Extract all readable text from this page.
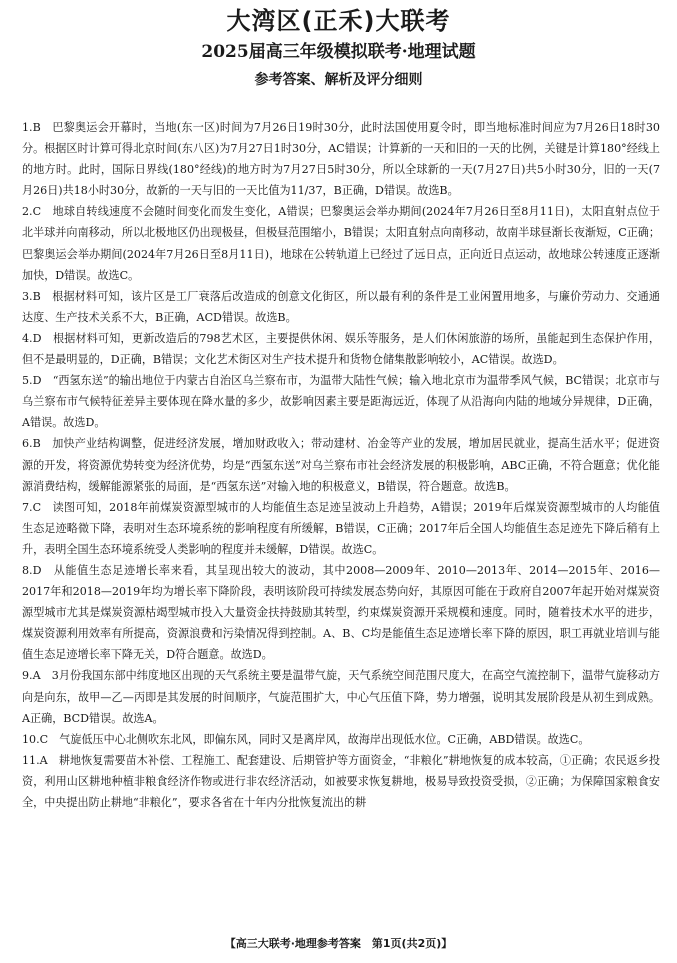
大湾区(正禾)大联考
2025届高三年级模拟联考·地理试题
参考答案、解析及评分细则

1.B　 巴黎奥运会开幕时，当地(东一区)时间为7月26日19时30分，此时法国使用夏令时，即当地标准时间应为7月26日18时30分。根据区时计算可得北京时间(东八区)为7月27日1时30分，AC错误；计算新的一天和旧的一天的比例，关键是计算180°经线上的地方时。此时，国际日界线(180°经线)的地方时为7月27日5时30分，所以全球新的一天(7月27日)共5小时30分，旧的一天(7月26日)共18小时30分，故新的一天与旧的一天比值为11/37，B正确，D错误。故选B。

2.C　 地球自转线速度不会随时间变化而发生变化，A错误；巴黎奥运会举办期间(2024年7月26日至8月11日)，太阳直射点位于北半球并向南移动，所以北极地区仍出现极昼，但极昼范围缩小，B错误；太阳直射点向南移动，故南半球昼渐长夜渐短，C正确；巴黎奥运会举办期间(2024年7月26日至8月11日)，地球在公转轨道上已经过了远日点，正向近日点运动，故地球公转速度正逐渐加快，D错误。故选C。

3.B　 根据材料可知，该片区是工厂衰落后改造成的创意文化街区，所以最有利的条件是工业闲置用地多，与廉价劳动力、交通通达度、生产技术关系不大，B正确，ACD错误。故选B。

4.D　 根据材料可知，更新改造后的798艺术区，主要提供休闲、娱乐等服务，是人们休闲旅游的场所，虽能起到生态保护作用，但不是最明显的，D正确，B错误；文化艺术街区对生产技术提升和货物仓储集散影响较小，AC错误。故选D。

5.D　 “西氢东送”的输出地位于内蒙古自治区乌兰察布市，为温带大陆性气候；输入地北京市为温带季风气候，BC错误；北京市与乌兰察布市气候特征差异主要体现在降水量的多少，故影响因素主要是距海远近，体现了从沿海向内陆的地域分异规律，D正确，A错误。故选D。

6.B　 加快产业结构调整，促进经济发展，增加财政收入；带动建材、冶金等产业的发展，增加居民就业，提高生活水平；促进资源的开发，将资源优势转变为经济优势，均是“西氢东送”对乌兰察布市社会经济发展的积极影响，ABC正确，不符合题意；优化能源消费结构，缓解能源紧张的局面，是“西氢东送”对输入地的积极意义，B错误，符合题意。故选B。

7.C　 读图可知，2018年前煤炭资源型城市的人均能值生态足迹呈波动上升趋势，A错误；2019年后煤炭资源型城市的人均能值生态足迹略微下降，表明对生态环境系统的影响程度有所缓解，B错误，C正确；2017年后全国人均能值生态足迹先下降后稍有上升，表明全国生态环境系统受人类影响的程度并未缓解，D错误。故选C。

8.D　 从能值生态足迹增长率来看，其呈现出较大的波动，其中2008—2009年、2010—2013年、2014—2015年、2016—2017年和2018—2019年均为增长率下降阶段，表明该阶段可持续发展态势向好，其原因可能在于政府自2007年起开始对煤炭资源型城市尤其是煤炭资源枯竭型城市投入大量资金扶持鼓励其转型，约束煤炭资源开采规模和速度。同时，随着技术水平的进步，煤炭资源利用效率有所提高，资源浪费和污染情况得到控制。A、B、C均是能值生态足迹增长率下降的原因，职工再就业培训与能值生态足迹增长率下降无关，D符合题意。故选D。

9.A　 3月份我国东部中纬度地区出现的天气系统主要是温带气旋，天气系统空间范围尺度大，在高空气流控制下，温带气旋移动方向是向东，故甲—乙—丙即是其发展的时间顺序，气旋范围扩大，中心气压值下降，势力增强，说明其发展阶段是从初生到成熟。A正确，BCD错误。故选A。

10.C　 气旋低压中心北侧吹东北风，即偏东风，同时又是离岸风，故海岸出现低水位。C正确，ABD错误。故选C。

11.A　 耕地恢复需要苗木补偿、工程施工、配套建设、后期管护等方面资金，“非粮化”耕地恢复的成本较高，①正确；农民返乡投资，利用山区耕地种植非粮食经济作物或进行非农经济活动，如被要求恢复耕地，极易导致投资受损，②正确；为保障国家粮食安全，中央提出防止耕地“非粮化”，要求各省在十年内分批恢复流出的耕

【高三大联考·地理参考答案　第1页(共2页)】
